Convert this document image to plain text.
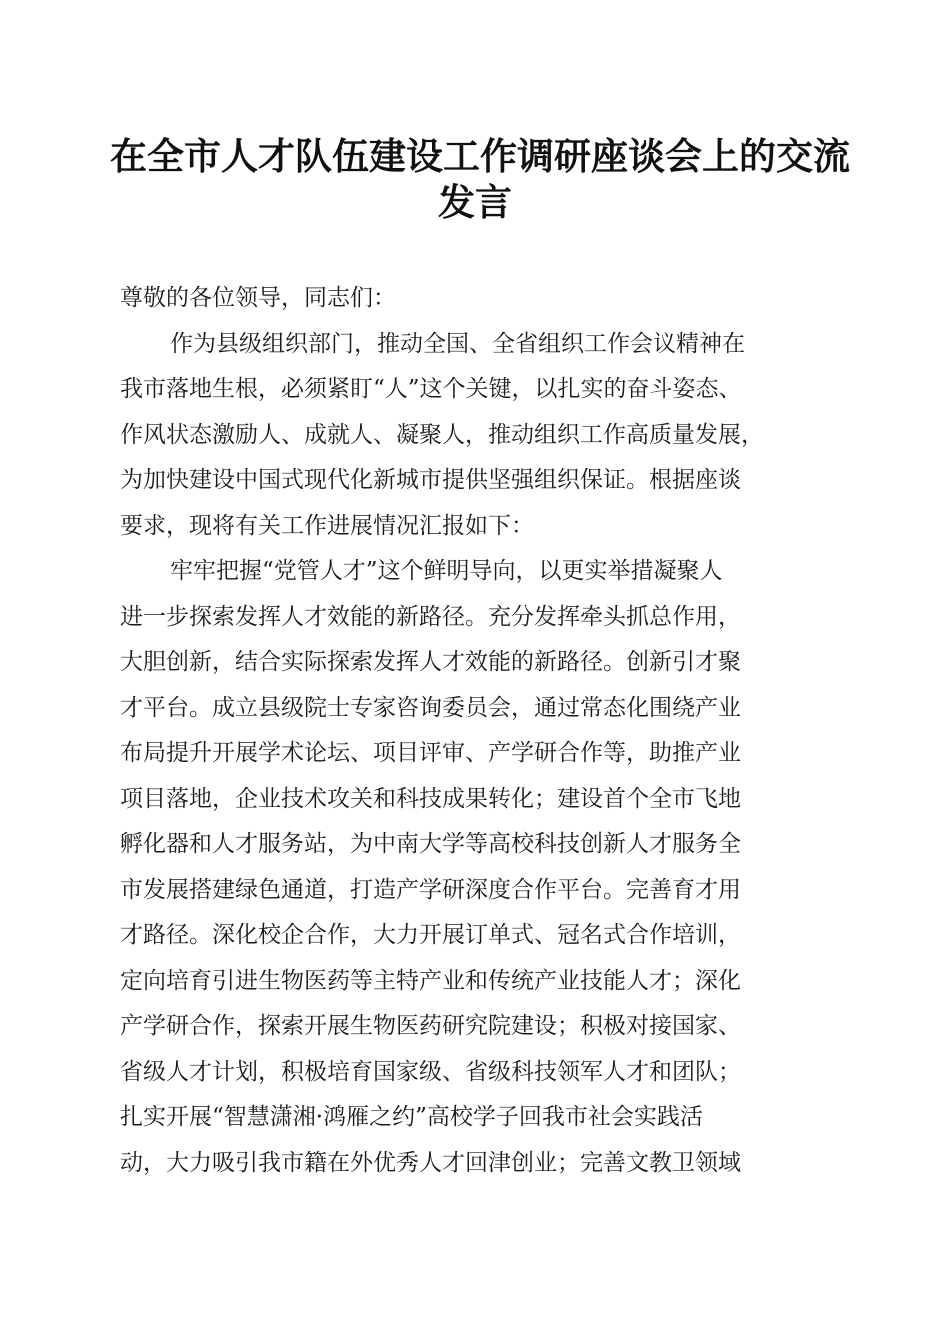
在全市人才队伍建设工作调研座谈会上的交流
发言
尊敬的各位领导，同志们：
作为县级组织部门，推动全国、全省组织工作会议精神在
我市落地生根，必须紧盯“人”这个关键，以扎实的奋斗姿态、
作风状态激励人、成就人、凝聚人，推动组织工作高质量发展，
为加快建设中国式现代化新城市提供坚强组织保证。根据座谈
要求，现将有关工作进展情况汇报如下：
牢牢把握“党管人才”这个鲜明导向，以更实举措凝聚人
进一步探索发挥人才效能的新路径。充分发挥牵头抓总作用，
大胆创新，结合实际探索发挥人才效能的新路径。创新引才聚
才平台。成立县级院士专家咨询委员会，通过常态化围绕产业
布局提升开展学术论坛、项目评审、产学研合作等，助推产业
项目落地，企业技术攻关和科技成果转化；建设首个全市飞地
孵化器和人才服务站，为中南大学等高校科技创新人才服务全
市发展搭建绿色通道，打造产学研深度合作平台。完善育才用
才路径。深化校企合作，大力开展订单式、冠名式合作培训，
定向培育引进生物医药等主特产业和传统产业技能人才；深化
产学研合作，探索开展生物医药研究院建设；积极对接国家、
省级人才计划，积极培育国家级、省级科技领军人才和团队；
扎实开展“智慧潇湘·鸿雁之约”高校学子回我市社会实践活
动，大力吸引我市籍在外优秀人才回津创业；完善文教卫领域
